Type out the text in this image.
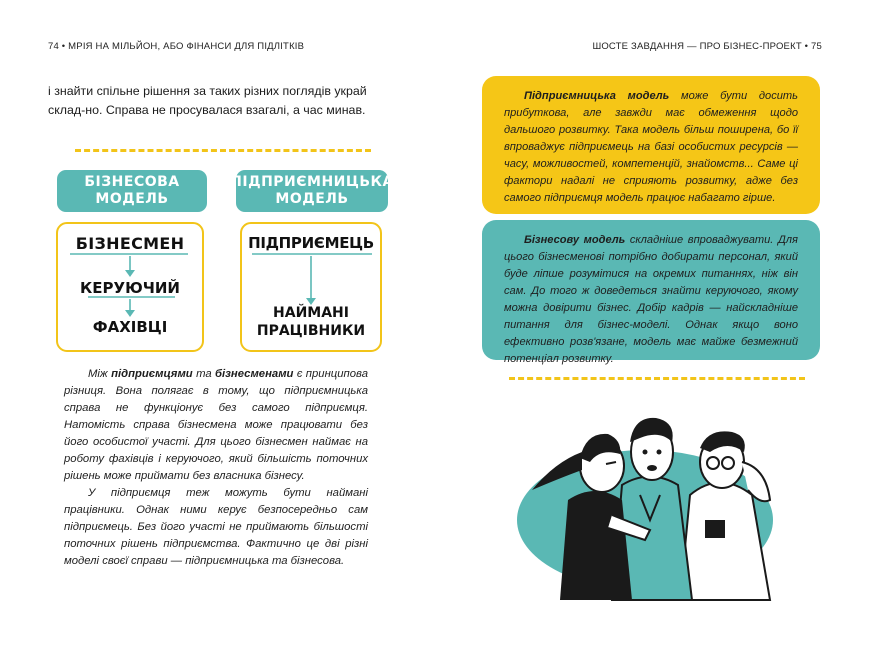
74 • МРІЯ НА МІЛЬЙОН, АБО ФІНАНСИ ДЛЯ ПІДЛІТКІВ	ШОСТЕ ЗАВДАННЯ — ПРО БІЗНЕС-ПРОЕКТ • 75
і знайти спільне рішення за таких різних поглядів украй склад-но. Справа не просувалася взагалі, а час минав.
БІЗНЕСОВА МОДЕЛЬ
ПІДПРИЄМНИЦЬКА МОДЕЛЬ
БІЗНЕСМЕН
КЕРУЮЧИЙ
ФАХІВЦІ
ПІДПРИЄМЕЦЬ
НАЙМАНІ ПРАЦІВНИКИ

Між підприємцями та бізнесменами є принципова різниця. Вона полягає в тому, що підприємницька справа не функціонує без самого підприємця. Натомість справа бізнесмена може працювати без його особистої участі. Для цього бізнесмен наймає на роботу фахівців і керуючого, який більшість поточних рішень може приймати без власника бізнесу.

У підприємця теж можуть бути наймані працівники. Однак ними керує безпосередньо сам підприємець. Без його участі не приймають більшості поточних рішень підприємства. Фактично це дві різні моделі своєї справи — підприємницька та бізнесова.

Підприємницька модель може бути досить прибуткова, але завжди має обмеження щодо дальшого розвитку. Така модель більш поширена, бо її впроваджує підприємець на базі особистих ресурсів — часу, можливостей, компетенцій, знайомств... Саме ці фактори надалі не сприяють розвитку, адже без самого підприємця модель працює набагато гірше.

Бізнесову модель складніше впроваджувати. Для цього бізнесменові потрібно добирати персонал, який буде ліпше розумітися на окремих питаннях, ніж він сам. До того ж доведеться знайти керуючого, якому можна довірити бізнес. Добір кадрів — найскладніше питання для бізнес-моделі. Однак якщо воно ефективно розв'язане, модель має майже безмежний потенціал розвитку.
